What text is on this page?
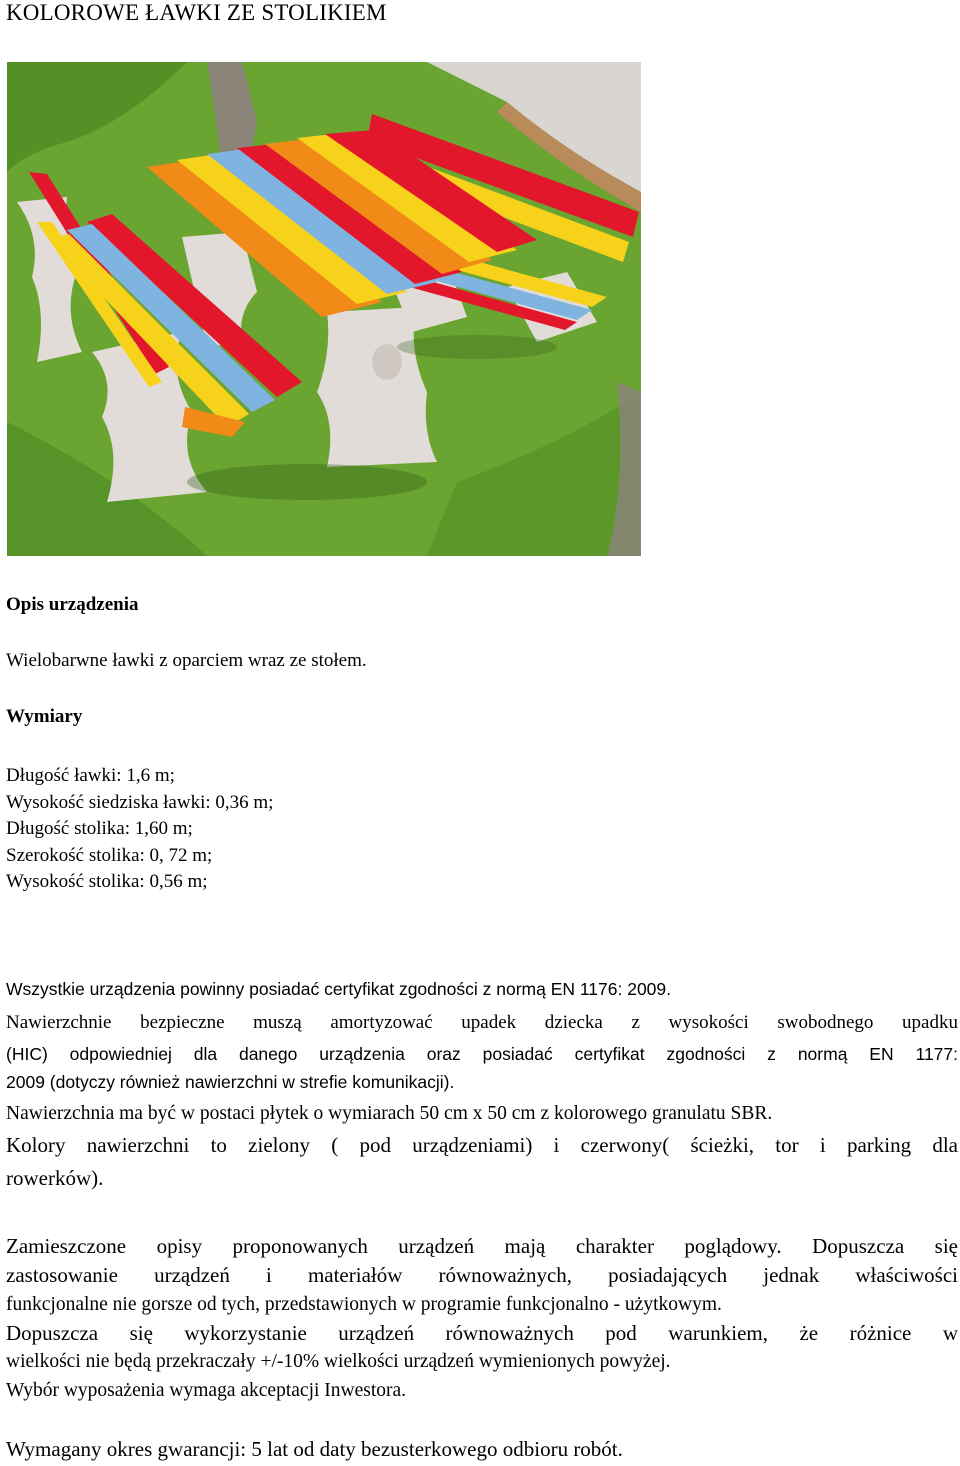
KOLOROWE ŁAWKI ZE STOLIKIEM
Opis urządzenia
Wielobarwne ławki z oparciem wraz ze stołem.
Wymiary
Długość ławki: 1,6 m;
Wysokość siedziska ławki: 0,36 m;
Długość stolika: 1,60 m;
Szerokość stolika: 0, 72 m;
Wysokość stolika: 0,56 m;
Wszystkie urządzenia powinny posiadać certyfikat zgodności z normą EN 1176: 2009.
Nawierzchnie bezpieczne muszą amortyzować upadek dziecka z wysokości swobodnego upadku
(HIC) odpowiedniej dla danego urządzenia oraz posiadać certyfikat zgodności z normą EN 1177:
2009 (dotyczy również nawierzchni w strefie komunikacji).
Nawierzchnia ma być w postaci płytek o wymiarach 50 cm x 50 cm z kolorowego granulatu SBR.
Kolory nawierzchni to zielony ( pod urządzeniami) i czerwony( ścieżki, tor i parking dla
rowerków).
Zamieszczone opisy proponowanych urządzeń mają charakter poglądowy. Dopuszcza się
zastosowanie urządzeń i materiałów równoważnych, posiadających jednak właściwości
funkcjonalne nie gorsze od tych, przedstawionych w programie funkcjonalno - użytkowym.
Dopuszcza się wykorzystanie urządzeń równoważnych pod warunkiem, że różnice w
wielkości nie będą przekraczały +/-10% wielkości urządzeń wymienionych powyżej.
Wybór wyposażenia wymaga akceptacji Inwestora.
Wymagany okres gwarancji: 5 lat od daty bezusterkowego odbioru robót.
